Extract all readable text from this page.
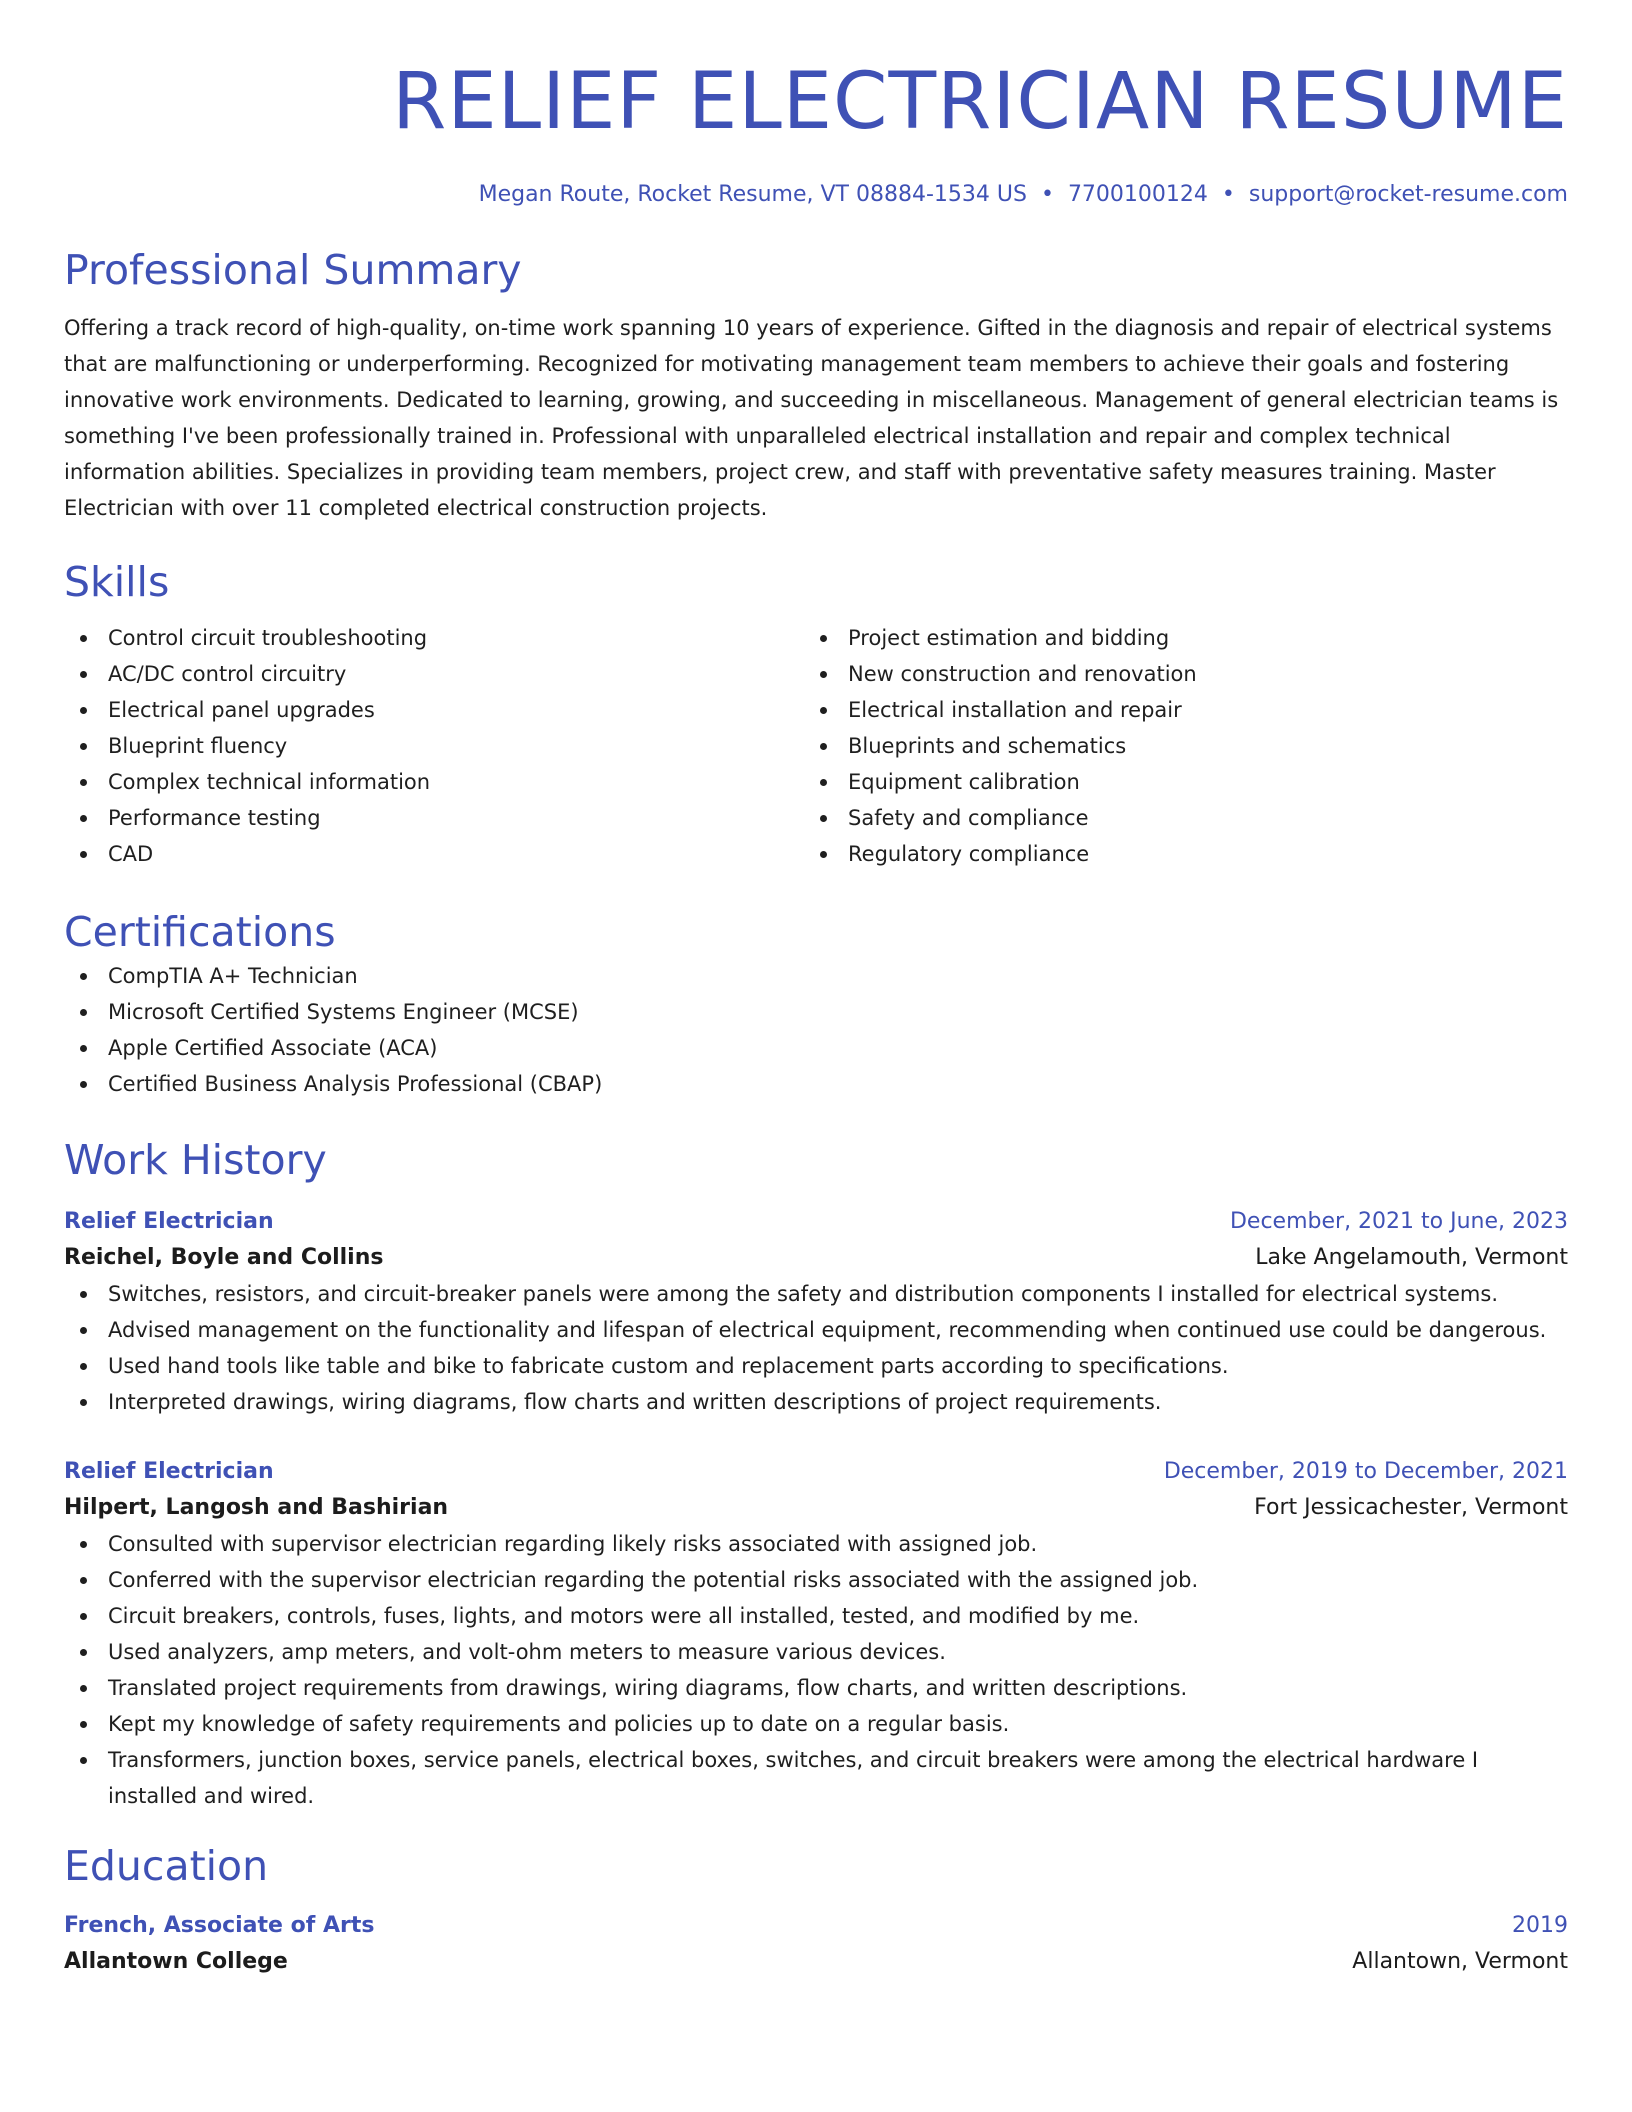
RELIEF ELECTRICIAN RESUME
Megan Route, Rocket Resume, VT 08884-1534 US • 7700100124 • support@rocket-resume.com
Professional Summary

Offering a track record of high-quality, on-time work spanning 10 years of experience. Gifted in the diagnosis and repair of electrical systems that are malfunctioning or underperforming. Recognized for motivating management team members to achieve their goals and fostering innovative work environments. Dedicated to learning, growing, and succeeding in miscellaneous. Management of general electrician teams is something I've been professionally trained in. Professional with unparalleled electrical installation and repair and complex technical information abilities. Specializes in providing team members, project crew, and staff with preventative safety measures training. Master Electrician with over 11 completed electrical construction projects.

Skills
Control circuit troubleshooting
AC/DC control circuitry
Electrical panel upgrades
Blueprint fluency
Complex technical information
Performance testing
CAD
Project estimation and bidding
New construction and renovation
Electrical installation and repair
Blueprints and schematics
Equipment calibration
Safety and compliance
Regulatory compliance
Certifications
CompTIA A+ Technician
Microsoft Certified Systems Engineer (MCSE)
Apple Certified Associate (ACA)
Certified Business Analysis Professional (CBAP)
Work History
Relief Electrician	December, 2021 to June, 2023
Reichel, Boyle and Collins	Lake Angelamouth, Vermont
Switches, resistors, and circuit-breaker panels were among the safety and distribution components I installed for electrical systems.
Advised management on the functionality and lifespan of electrical equipment, recommending when continued use could be dangerous.
Used hand tools like table and bike to fabricate custom and replacement parts according to specifications.
Interpreted drawings, wiring diagrams, flow charts and written descriptions of project requirements.
Relief Electrician	December, 2019 to December, 2021
Hilpert, Langosh and Bashirian	Fort Jessicachester, Vermont
Consulted with supervisor electrician regarding likely risks associated with assigned job.
Conferred with the supervisor electrician regarding the potential risks associated with the assigned job.
Circuit breakers, controls, fuses, lights, and motors were all installed, tested, and modified by me.
Used analyzers, amp meters, and volt-ohm meters to measure various devices.
Translated project requirements from drawings, wiring diagrams, flow charts, and written descriptions.
Kept my knowledge of safety requirements and policies up to date on a regular basis.
Transformers, junction boxes, service panels, electrical boxes, switches, and circuit breakers were among the electrical hardware I installed and wired.
Education
French, Associate of Arts	2019
Allantown College	Allantown, Vermont
